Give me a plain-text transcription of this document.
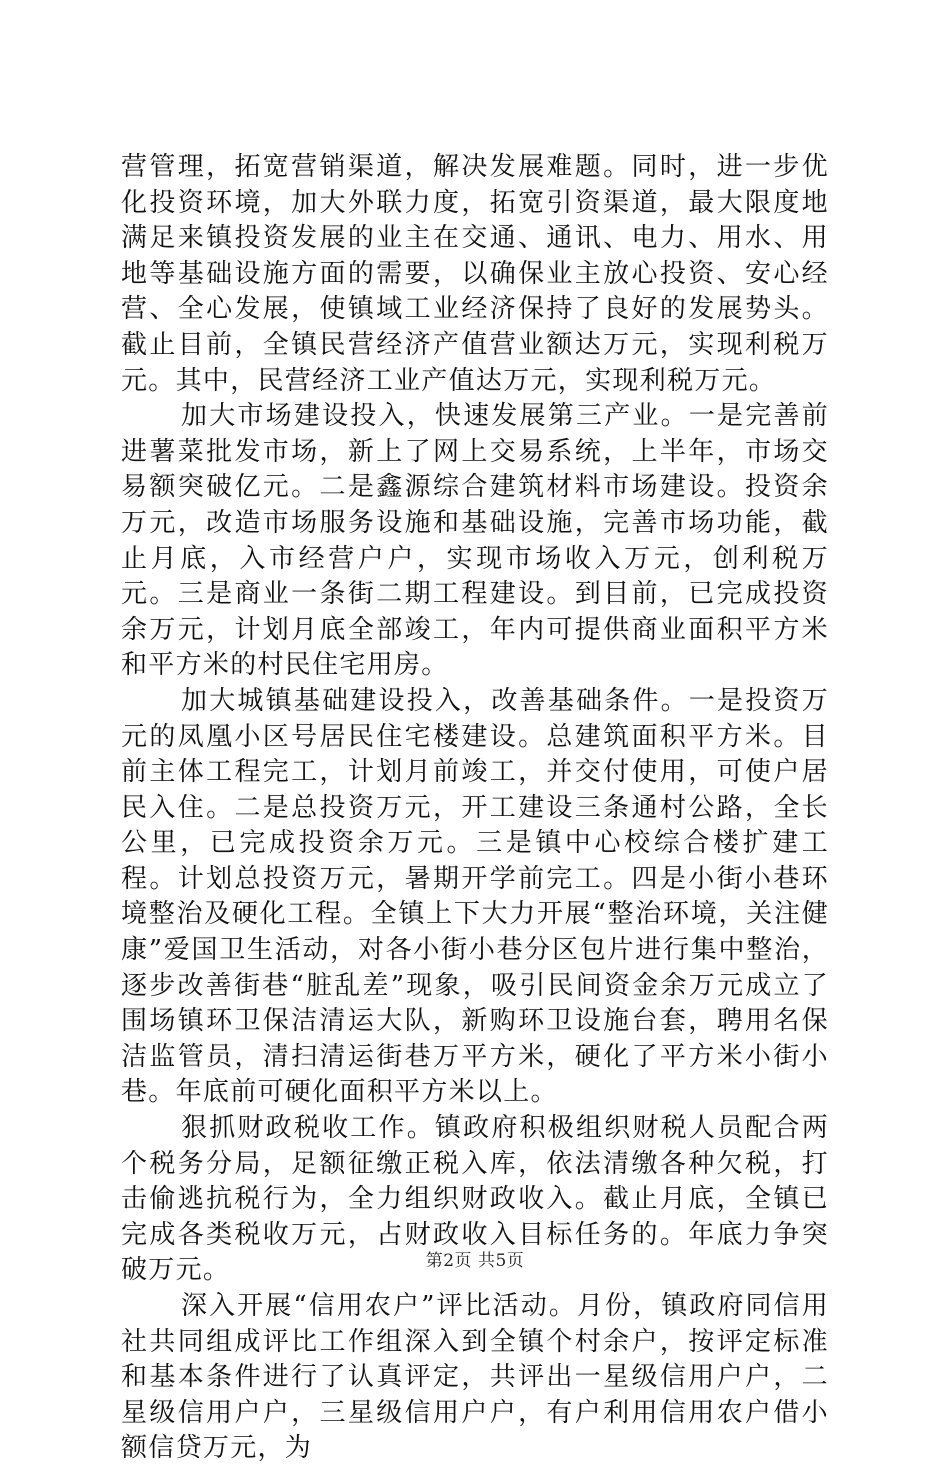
营管理，拓宽营销渠道，解决发展难题。同时，进一步优化投资环境，加大外联力度，拓宽引资渠道，最大限度地满足来镇投资发展的业主在交通、通讯、电力、用水、用地等基础设施方面的需要，以确保业主放心投资、安心经营、全心发展，使镇域工业经济保持了良好的发展势头。截止目前，全镇民营经济产值营业额达万元，实现利税万元。其中，民营经济工业产值达万元，实现利税万元。

加大市场建设投入，快速发展第三产业。一是完善前进薯菜批发市场，新上了网上交易系统，上半年，市场交易额突破亿元。二是鑫源综合建筑材料市场建设。投资余万元，改造市场服务设施和基础设施，完善市场功能，截止月底，入市经营户户，实现市场收入万元，创利税万元。三是商业一条街二期工程建设。到目前，已完成投资余万元，计划月底全部竣工，年内可提供商业面积平方米和平方米的村民住宅用房。

加大城镇基础建设投入，改善基础条件。一是投资万元的凤凰小区号居民住宅楼建设。总建筑面积平方米。目前主体工程完工，计划月前竣工，并交付使用，可使户居民入住。二是总投资万元，开工建设三条通村公路，全长公里，已完成投资余万元。三是镇中心校综合楼扩建工程。计划总投资万元，暑期开学前完工。四是小街小巷环境整治及硬化工程。全镇上下大力开展“整治环境，关注健康”爱国卫生活动，对各小街小巷分区包片进行集中整治，逐步改善街巷“脏乱差”现象，吸引民间资金余万元成立了围场镇环卫保洁清运大队，新购环卫设施台套，聘用名保洁监管员，清扫清运街巷万平方米，硬化了平方米小街小巷。年底前可硬化面积平方米以上。

狠抓财政税收工作。镇政府积极组织财税人员配合两个税务分局，足额征缴正税入库，依法清缴各种欠税，打击偷逃抗税行为，全力组织财政收入。截止月底，全镇已完成各类税收万元，占财政收入目标任务的。年底力争突破万元。

深入开展“信用农户”评比活动。月份，镇政府同信用社共同组成评比工作组深入到全镇个村余户，按评定标准和基本条件进行了认真评定，共评出一星级信用户户，二星级信用户户，三星级信用户户，有户利用信用农户借小额信贷万元，为

第2页 共5页
